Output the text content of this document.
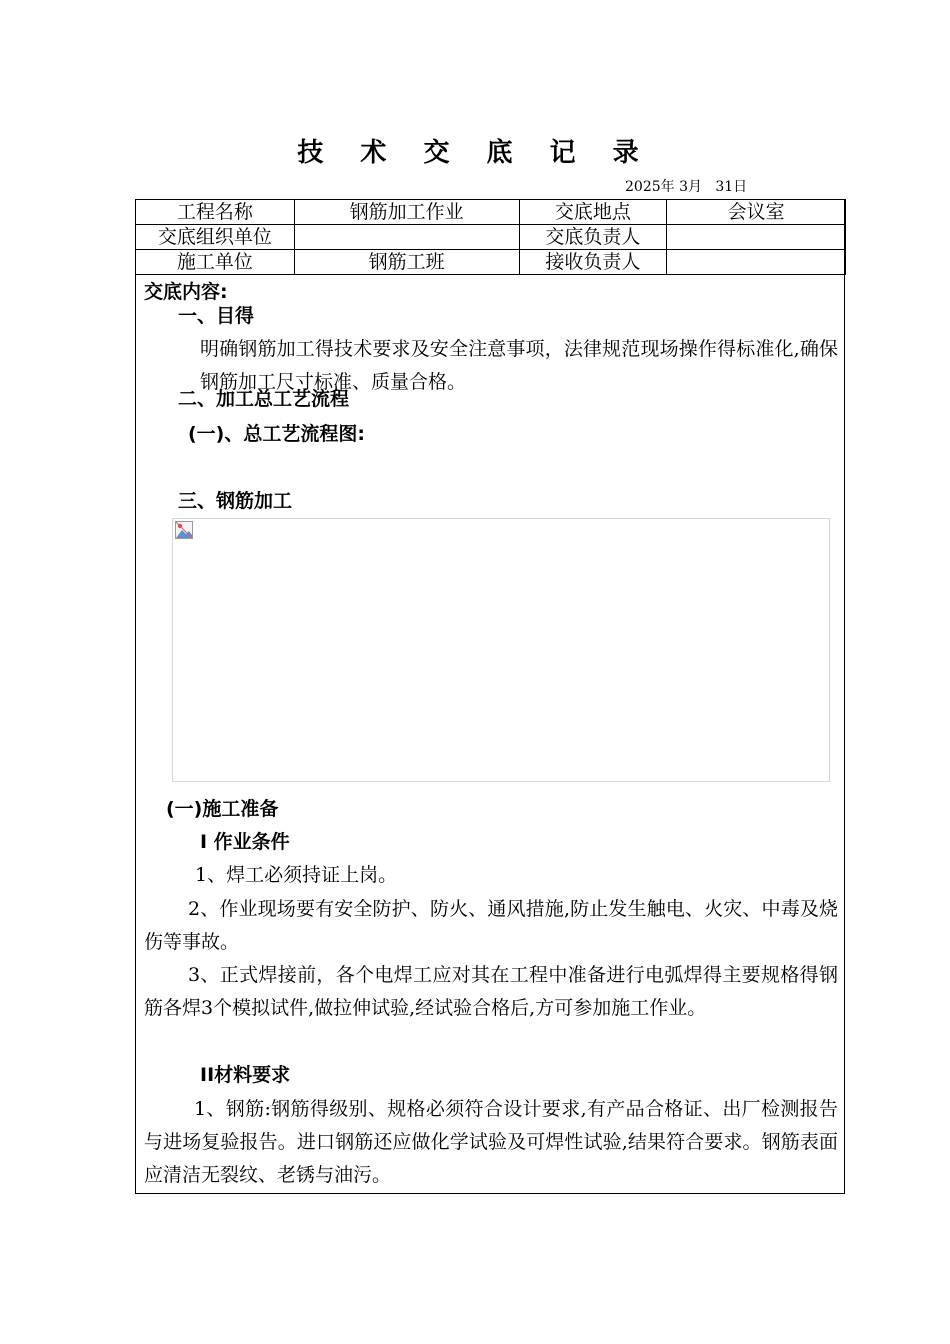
技 术 交 底 记 录
2025年 3月   31日
工程名称	钢筋加工作业	交底地点	会议室
交底组织单位		交底负责人	
施工单位	钢筋工班	接收负责人	
交底内容:
一、目得
明确钢筋加工得技术要求及安全注意事项，法律规范现场操作得标准化,确保钢筋加工尺寸标准、质量合格。
二、加工总工艺流程
(一)、总工艺流程图:
三、钢筋加工
(一)施工准备
Ⅰ 作业条件
1、焊工必须持证上岗。
2、作业现场要有安全防护、防火、通风措施,防止发生触电、火灾、中毒及烧伤等事故。
3、正式焊接前，各个电焊工应对其在工程中准备进行电弧焊得主要规格得钢筋各焊3个模拟试件,做拉伸试验,经试验合格后,方可参加施工作业。
II材料要求
1、钢筋:钢筋得级别、规格必须符合设计要求,有产品合格证、出厂检测报告与进场复验报告。进口钢筋还应做化学试验及可焊性试验,结果符合要求。钢筋表面应清洁无裂纹、老锈与油污。
